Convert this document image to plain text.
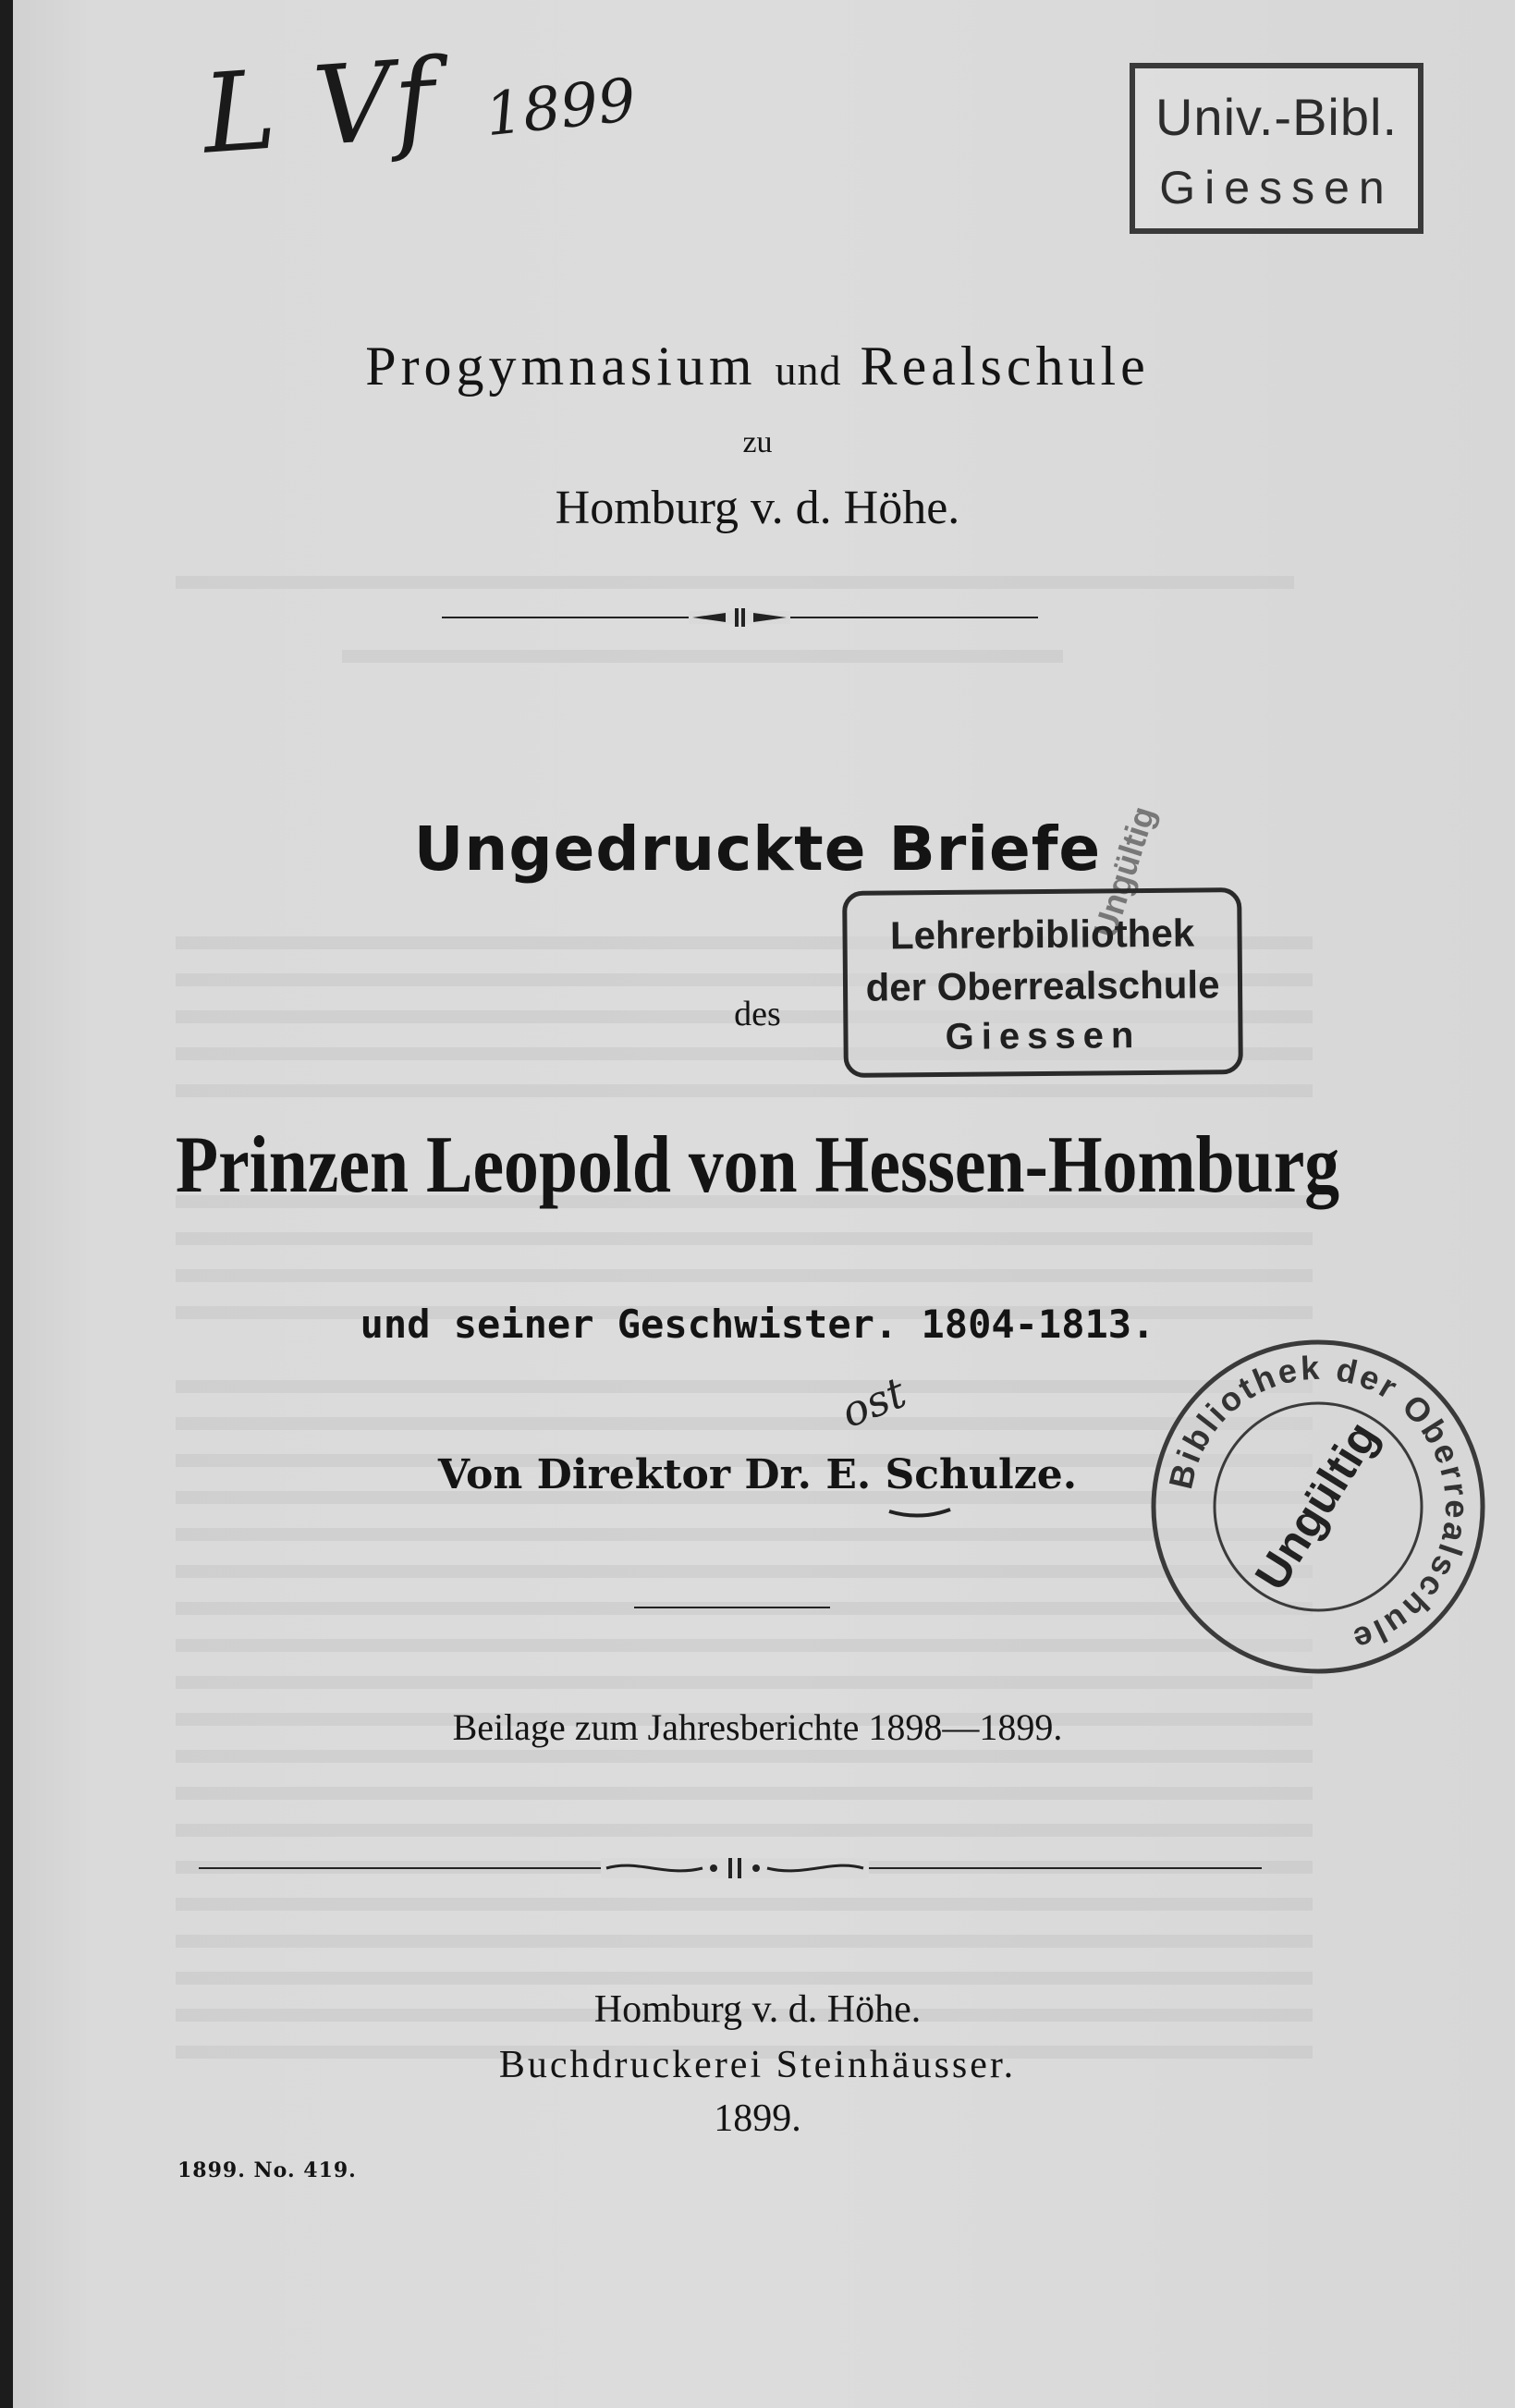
L Vf 1899	Univ.-Bibl.
Giessen
Progymnasium und Realschule
zu
Homburg v. d. Höhe.
Ungedruckte Briefe
des
Lehrerbibliothek
der Oberrealschule
Giessen
Ungültig
Prinzen Leopold von Hessen-Homburg
und seiner Geschwister. 1804-1813.
Von Direktor Dr. E. Schulze.
ost
Bibliothek der Oberrealschule
Ungültig
Beilage zum Jahresberichte 1898—1899.
Homburg v. d. Höhe.
Buchdruckerei Steinhäusser.
1899.
1899. No. 419.
